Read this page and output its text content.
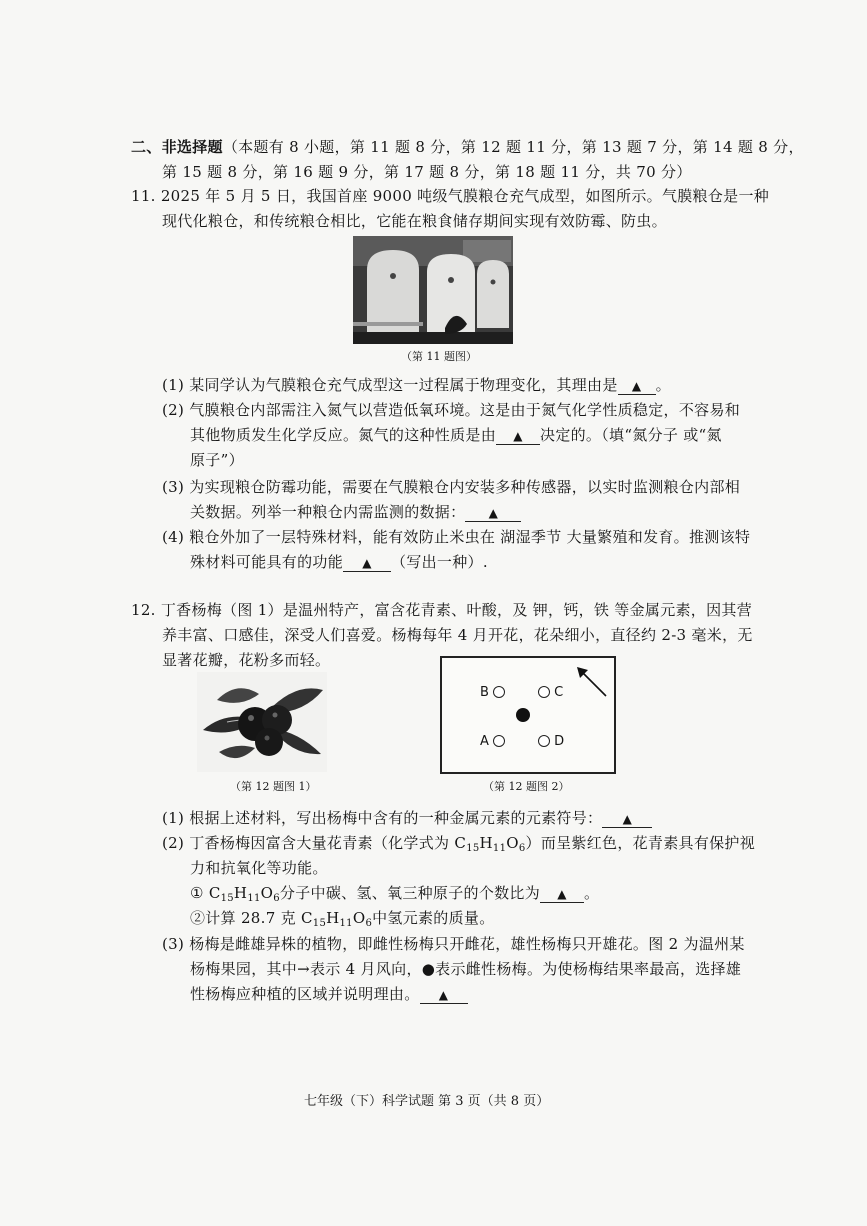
二、非选择题（本题有 8 小题，第 11 题 8 分，第 12 题 11 分，第 13 题 7 分，第 14 题 8 分，
第 15 题 8 分，第 16 题 9 分，第 17 题 8 分，第 18 题 11 分，共 70 分）
11. 2025 年 5 月 5 日，我国首座 9000 吨级气膜粮仓充气成型，如图所示。气膜粮仓是一种
现代化粮仓，和传统粮仓相比，它能在粮食储存期间实现有效防霉、防虫。
（第 11 题图）
(1) 某同学认为气膜粮仓充气成型这一过程属于物理变化，其理由是 ▲ 。
(2) 气膜粮仓内部需注入氮气以营造低氧环境。这是由于氮气化学性质稳定，不容易和
其他物质发生化学反应。氮气的这种性质是由 ▲ 决定的。（填“氮分子 或“氮
原子”）
(3) 为实现粮仓防霉功能，需要在气膜粮仓内安装多种传感器，以实时监测粮仓内部相
关数据。列举一种粮仓内需监测的数据： ▲
(4) 粮仓外加了一层特殊材料，能有效防止米虫在 湖湿季节 大量繁殖和发育。推测该特
殊材料可能具有的功能 ▲ （写出一种）.
12. 丁香杨梅（图 1）是温州特产，富含花青素、叶酸，及 钾，钙，铁 等金属元素，因其营
养丰富、口感佳，深受人们喜爱。杨梅每年 4 月开花，花朵细小，直径约 2-3 毫米，无
显著花瓣，花粉多而轻。
（第 12 题图 1）
B	C
A	D
（第 12 题图 2）
(1) 根据上述材料，写出杨梅中含有的一种金属元素的元素符号： ▲
(2) 丁香杨梅因富含大量花青素（化学式为 $C_{15}H_{11}O_6$）而呈紫红色，花青素具有保护视
力和抗氧化等功能。
① $C_{15}H_{11}O_6$分子中碳、氢、氧三种原子的个数比为 ▲ 。
②计算 28.7 克 $C_{15}H_{11}O_6$中氢元素的质量。
(3) 杨梅是雌雄异株的植物，即雌性杨梅只开雌花，雄性杨梅只开雄花。图 2 为温州某
杨梅果园，其中→表示 4 月风向，●表示雌性杨梅。为使杨梅结果率最高，选择雄
性杨梅应种植的区域并说明理由。 ▲
七年级（下）科学试题 第 3 页（共 8 页）
